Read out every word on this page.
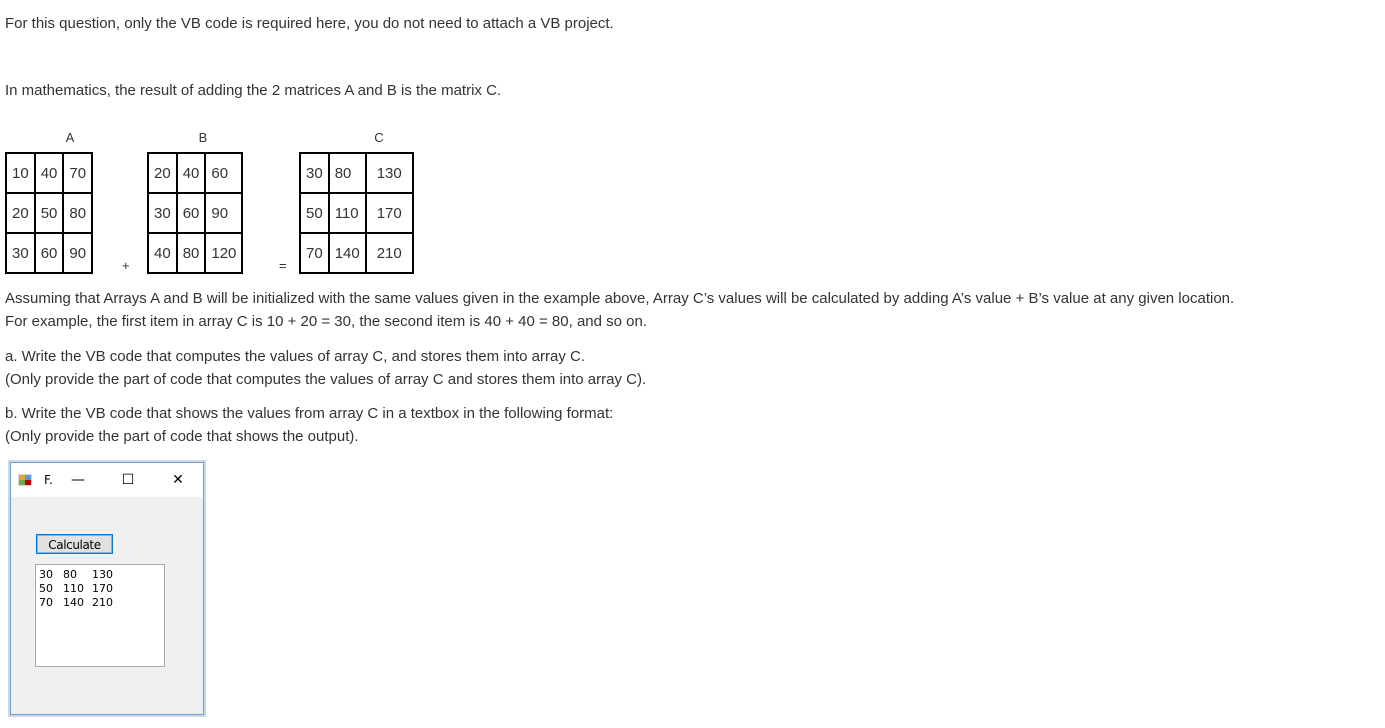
For this question, only the VB code is required here, you do not need to attach a VB project.
In mathematics, the result of adding the 2 matrices A and B is the matrix C.
A	B	C
10	40	70
20	50	80
30	60	90
+
20	40	60
30	60	90
40	80	120
=
30	80	130
50	110	170
70	140	210
Assuming that Arrays A and B will be initialized with the same values given in the example above, Array C’s values will be calculated by adding A’s value + B’s value at any given location.
For example, the first item in array C is 10 + 20 = 30, the second item is 40 + 40 = 80, and so on.
a. Write the VB code that computes the values of array C, and stores them into array C.
(Only provide the part of code that computes the values of array C and stores them into array C).
b. Write the VB code that shows the values from array C in a textbox in the following format:
(Only provide the part of code that shows the output).
F. —	☐	✕
Calculate
30 80 130
50 110 170
70 140 210
